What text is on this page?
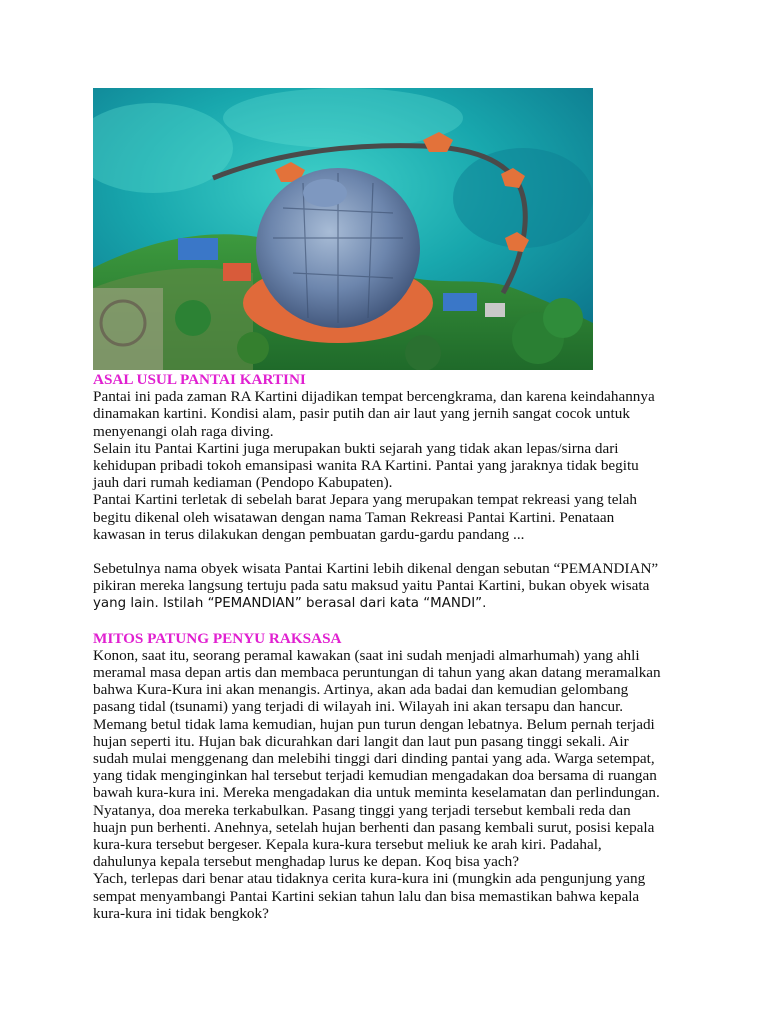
ASAL USUL PANTAI KARTINI

Pantai ini pada zaman RA Kartini dijadikan tempat bercengkrama, dan karena keindahannya

dinamakan kartini. Kondisi alam, pasir putih dan air laut yang jernih sangat cocok untuk

menyenangi olah raga diving.

Selain itu Pantai Kartini juga merupakan bukti sejarah yang tidak akan lepas/sirna dari

kehidupan pribadi tokoh emansipasi wanita RA Kartini. Pantai yang jaraknya tidak begitu

jauh dari rumah kediaman (Pendopo Kabupaten).

Pantai Kartini terletak di sebelah barat Jepara yang merupakan tempat rekreasi yang telah

begitu dikenal oleh wisatawan dengan nama Taman Rekreasi Pantai Kartini. Penataan

kawasan in terus dilakukan dengan pembuatan gardu-gardu pandang ...

Sebetulnya nama obyek wisata Pantai Kartini lebih dikenal dengan sebutan “PEMANDIAN”

pikiran mereka langsung tertuju pada satu maksud yaitu Pantai Kartini, bukan obyek wisata

yang lain. Istilah “PEMANDIAN” berasal dari kata “MANDI”.

MITOS PATUNG PENYU RAKSASA

Konon, saat itu, seorang peramal kawakan (saat ini sudah menjadi almarhumah) yang ahli

meramal masa depan artis dan membaca peruntungan di tahun yang akan datang meramalkan

bahwa Kura-Kura ini akan menangis. Artinya, akan ada badai dan kemudian gelombang

pasang tidal (tsunami) yang terjadi di wilayah ini. Wilayah ini akan tersapu dan hancur.

Memang betul tidak lama kemudian, hujan pun turun dengan lebatnya. Belum pernah terjadi

hujan seperti itu. Hujan bak dicurahkan dari langit dan laut pun pasang tinggi sekali. Air

sudah mulai menggenang dan melebihi tinggi dari dinding pantai yang ada. Warga setempat,

yang tidak menginginkan hal tersebut terjadi kemudian mengadakan doa bersama di ruangan

bawah kura-kura ini. Mereka mengadakan dia untuk meminta keselamatan dan perlindungan.

Nyatanya, doa mereka terkabulkan. Pasang tinggi yang terjadi tersebut kembali reda dan

huajn pun berhenti. Anehnya, setelah hujan berhenti dan pasang kembali surut, posisi kepala

kura-kura tersebut bergeser. Kepala kura-kura tersebut meliuk ke arah kiri. Padahal,

dahulunya kepala tersebut menghadap lurus ke depan. Koq bisa yach?

Yach, terlepas dari benar atau tidaknya cerita kura-kura ini (mungkin ada pengunjung yang

sempat menyambangi Pantai Kartini sekian tahun lalu dan bisa memastikan bahwa kepala

kura-kura ini tidak bengkok?
